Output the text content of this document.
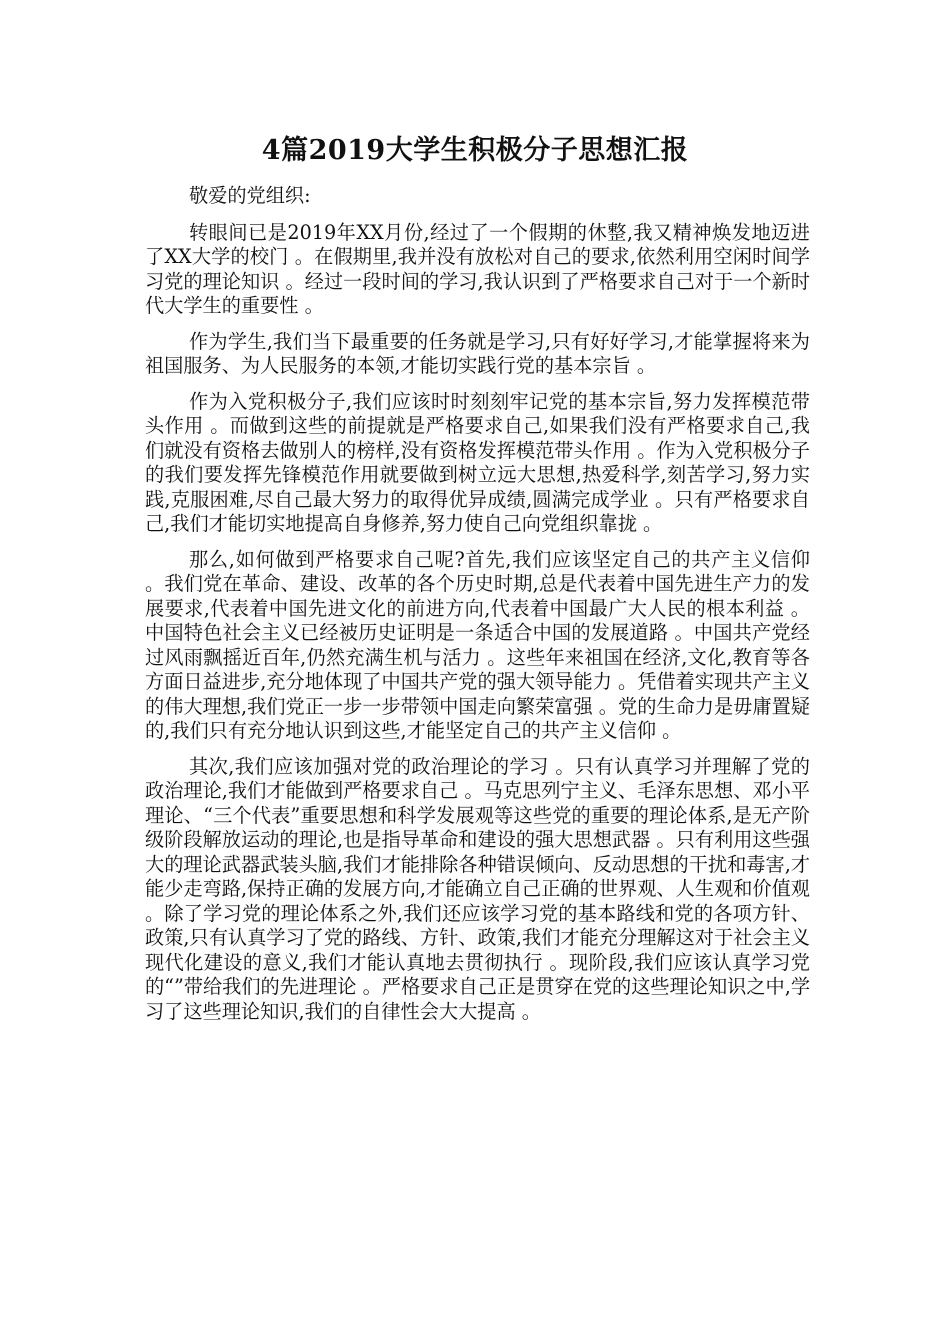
4篇2019大学生积极分子思想汇报

敬爱的党组织:

转眼间已是2019年XX月份,经过了一个假期的休整,我又精神焕发地迈进了XX大学的校门 。在假期里,我并没有放松对自己的要求,依然利用空闲时间学习党的理论知识 。经过一段时间的学习,我认识到了严格要求自己对于一个新时代大学生的重要性 。

作为学生,我们当下最重要的任务就是学习,只有好好学习,才能掌握将来为祖国服务、为人民服务的本领,才能切实践行党的基本宗旨 。

作为入党积极分子,我们应该时时刻刻牢记党的基本宗旨,努力发挥模范带头作用 。而做到这些的前提就是严格要求自己,如果我们没有严格要求自己,我们就没有资格去做别人的榜样,没有资格发挥模范带头作用 。作为入党积极分子的我们要发挥先锋模范作用就要做到树立远大思想,热爱科学,刻苦学习,努力实践,克服困难,尽自己最大努力的取得优异成绩,圆满完成学业 。只有严格要求自己,我们才能切实地提高自身修养,努力使自己向党组织靠拢 。

那么,如何做到严格要求自己呢?首先,我们应该坚定自己的共产主义信仰 。我们党在革命、建设、改革的各个历史时期,总是代表着中国先进生产力的发展要求,代表着中国先进文化的前进方向,代表着中国最广大人民的根本利益 。中国特色社会主义已经被历史证明是一条适合中国的发展道路 。中国共产党经过风雨飘摇近百年,仍然充满生机与活力 。这些年来祖国在经济,文化,教育等各方面日益进步,充分地体现了中国共产党的强大领导能力 。凭借着实现共产主义的伟大理想,我们党正一步一步带领中国走向繁荣富强 。党的生命力是毋庸置疑的,我们只有充分地认识到这些,才能坚定自己的共产主义信仰 。

其次,我们应该加强对党的政治理论的学习 。只有认真学习并理解了党的政治理论,我们才能做到严格要求自己 。马克思列宁主义、毛泽东思想、邓小平理论、“三个代表”重要思想和科学发展观等这些党的重要的理论体系,是无产阶级阶段解放运动的理论,也是指导革命和建设的强大思想武器 。只有利用这些强大的理论武器武装头脑,我们才能排除各种错误倾向、反动思想的干扰和毒害,才能少走弯路,保持正确的发展方向,才能确立自己正确的世界观、人生观和价值观 。除了学习党的理论体系之外,我们还应该学习党的基本路线和党的各项方针、政策,只有认真学习了党的路线、方针、政策,我们才能充分理解这对于社会主义现代化建设的意义,我们才能认真地去贯彻执行 。现阶段,我们应该认真学习党的“”带给我们的先进理论 。严格要求自己正是贯穿在党的这些理论知识之中,学习了这些理论知识,我们的自律性会大大提高 。
